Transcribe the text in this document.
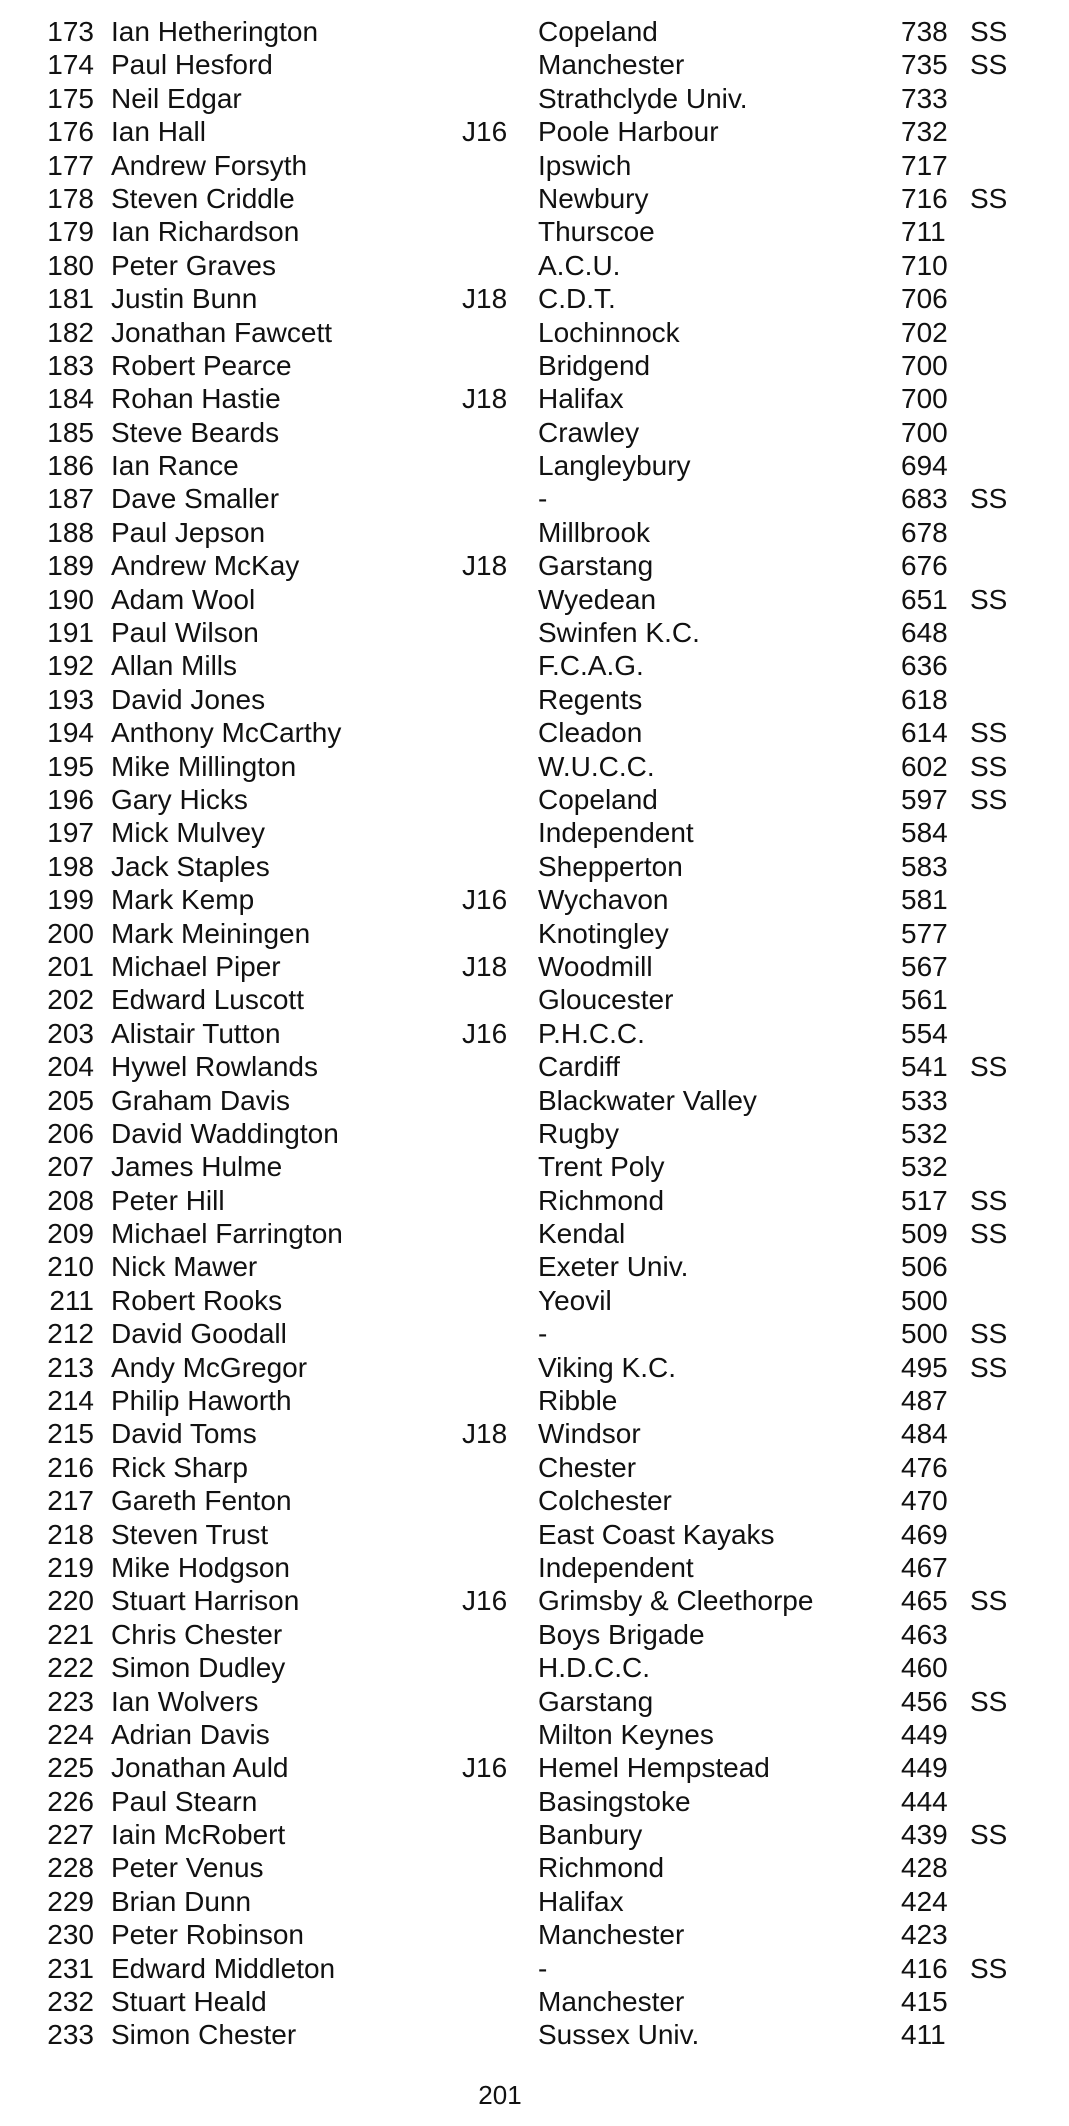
173 Ian Hetherington	Copeland	738 SS
174 Paul Hesford	Manchester	735 SS
175 Neil Edgar	Strathclyde Univ.	733
176 Ian Hall	J16 Poole Harbour	732
177 Andrew Forsyth	Ipswich	717
178 Steven Criddle	Newbury	716 SS
179 Ian Richardson	Thurscoe	711
180 Peter Graves	A.C.U.	710
181 Justin Bunn	J18 C.D.T.	706
182 Jonathan Fawcett	Lochinnock	702
183 Robert Pearce	Bridgend	700
184 Rohan Hastie	J18 Halifax	700
185 Steve Beards	Crawley	700
186 Ian Rance	Langleybury	694
187 Dave Smaller	-	683 SS
188 Paul Jepson	Millbrook	678
189 Andrew McKay	J18 Garstang	676
190 Adam Wool	Wyedean	651 SS
191 Paul Wilson	Swinfen K.C.	648
192 Allan Mills	F.C.A.G.	636
193 David Jones	Regents	618
194 Anthony McCarthy	Cleadon	614 SS
195 Mike Millington	W.U.C.C.	602 SS
196 Gary Hicks	Copeland	597 SS
197 Mick Mulvey	Independent	584
198 Jack Staples	Shepperton	583
199 Mark Kemp	J16 Wychavon	581
200 Mark Meiningen	Knotingley	577
201 Michael Piper	J18 Woodmill	567
202 Edward Luscott	Gloucester	561
203 Alistair Tutton	J16 P.H.C.C.	554
204 Hywel Rowlands	Cardiff	541 SS
205 Graham Davis	Blackwater Valley	533
206 David Waddington	Rugby	532
207 James Hulme	Trent Poly	532
208 Peter Hill	Richmond	517 SS
209 Michael Farrington	Kendal	509 SS
210 Nick Mawer	Exeter Univ.	506
211 Robert Rooks	Yeovil	500
212 David Goodall	-	500 SS
213 Andy McGregor	Viking K.C.	495 SS
214 Philip Haworth	Ribble	487
215 David Toms	J18 Windsor	484
216 Rick Sharp	Chester	476
217 Gareth Fenton	Colchester	470
218 Steven Trust	East Coast Kayaks	469
219 Mike Hodgson	Independent	467
220 Stuart Harrison	J16 Grimsby & Cleethorpe	465 SS
221 Chris Chester	Boys Brigade	463
222 Simon Dudley	H.D.C.C.	460
223 Ian Wolvers	Garstang	456 SS
224 Adrian Davis	Milton Keynes	449
225 Jonathan Auld	J16 Hemel Hempstead	449
226 Paul Stearn	Basingstoke	444
227 Iain McRobert	Banbury	439 SS
228 Peter Venus	Richmond	428
229 Brian Dunn	Halifax	424
230 Peter Robinson	Manchester	423
231 Edward Middleton	-	416 SS
232 Stuart Heald	Manchester	415
233 Simon Chester	Sussex Univ.	411
201
